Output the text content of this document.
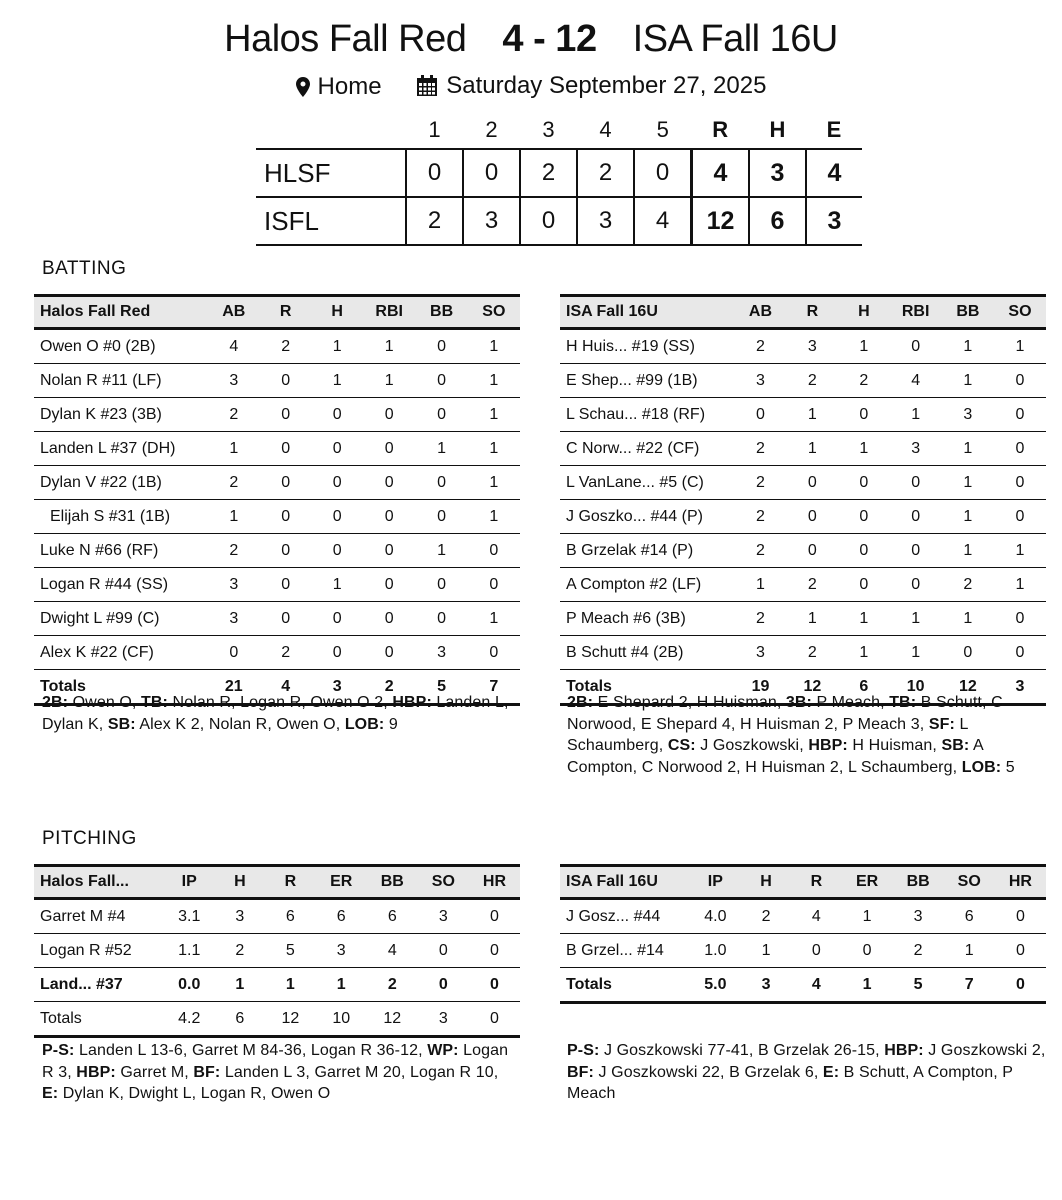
Halos Fall Red 4 - 12 ISA Fall 16U
Home
	Saturday September 27, 2025
	1	2	3	4	5	R	H	E
HLSF	0	0	2	2	0	4	3	4
ISFL	2	3	0	3	4	12	6	3
BATTING
Halos Fall Red	AB	R	H	RBI	BB	SO
Owen O #0 (2B)	4	2	1	1	0	1
Nolan R #11 (LF)	3	0	1	1	0	1
Dylan K #23 (3B)	2	0	0	0	0	1
Landen L #37 (DH)	1	0	0	0	1	1
Dylan V #22 (1B)	2	0	0	0	0	1
Elijah S #31 (1B)	1	0	0	0	0	1
Luke N #66 (RF)	2	0	0	0	1	0
Logan R #44 (SS)	3	0	1	0	0	0
Dwight L #99 (C)	3	0	0	0	0	1
Alex K #22 (CF)	0	2	0	0	3	0
Totals	21	4	3	2	5	7
ISA Fall 16U	AB	R	H	RBI	BB	SO
H Huis... #19 (SS)	2	3	1	0	1	1
E Shep... #99 (1B)	3	2	2	4	1	0
L Schau... #18 (RF)	0	1	0	1	3	0
C Norw... #22 (CF)	2	1	1	3	1	0
L VanLane... #5 (C)	2	0	0	0	1	0
J Goszko... #44 (P)	2	0	0	0	1	0
B Grzelak #14 (P)	2	0	0	0	1	1
A Compton #2 (LF)	1	2	0	0	2	1
P Meach #6 (3B)	2	1	1	1	1	0
B Schutt #4 (2B)	3	2	1	1	0	0
Totals	19	12	6	10	12	3
2B: Owen O, TB: Nolan R, Logan R, Owen O 2, HBP: Landen L, Dylan K, SB: Alex K 2, Nolan R, Owen O, LOB: 9
2B: E Shepard 2, H Huisman, 3B: P Meach, TB: B Schutt, C Norwood, E Shepard 4, H Huisman 2, P Meach 3, SF: L Schaumberg, CS: J Goszkowski, HBP: H Huisman, SB: A Compton, C Norwood 2, H Huisman 2, L Schaumberg, LOB: 5
PITCHING
Halos Fall...	IP	H	R	ER	BB	SO	HR
Garret M #4	3.1	3	6	6	6	3	0
Logan R #52	1.1	2	5	3	4	0	0
Land... #37	0.0	1	1	1	2	0	0
Totals	4.2	6	12	10	12	3	0
ISA Fall 16U	IP	H	R	ER	BB	SO	HR
J Gosz... #44	4.0	2	4	1	3	6	0
B Grzel... #14	1.0	1	0	0	2	1	0
Totals	5.0	3	4	1	5	7	0
P-S: Landen L 13-6, Garret M 84-36, Logan R 36-12, WP: Logan R 3, HBP: Garret M, BF: Landen L 3, Garret M 20, Logan R 10, E: Dylan K, Dwight L, Logan R, Owen O
P-S: J Goszkowski 77-41, B Grzelak 26-15, HBP: J Goszkowski 2, BF: J Goszkowski 22, B Grzelak 6, E: B Schutt, A Compton, P Meach
